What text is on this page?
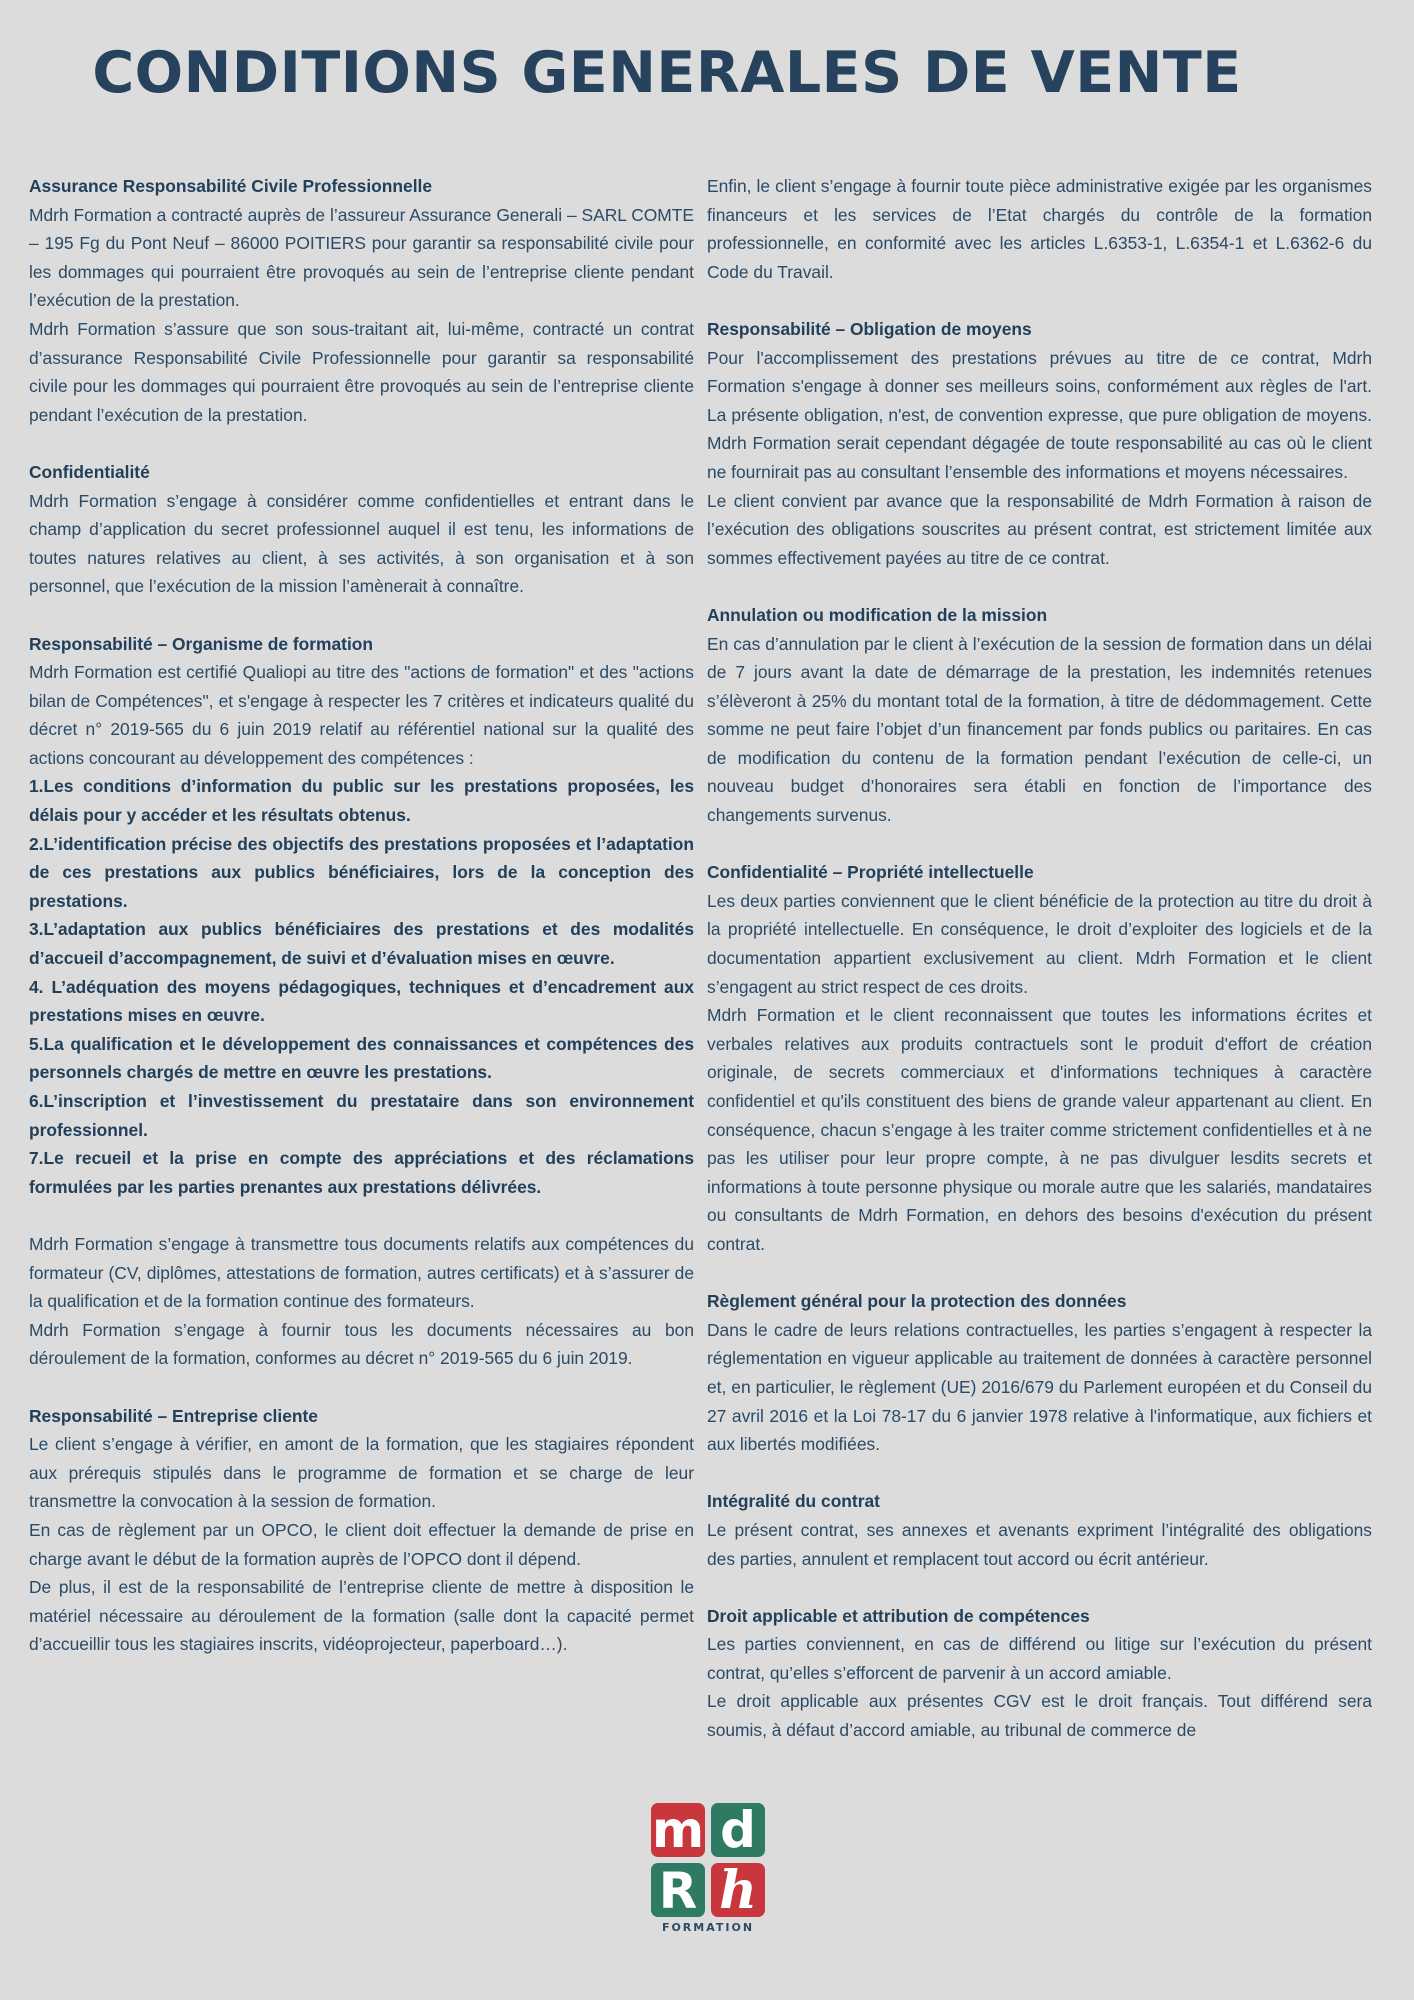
CONDITIONS GENERALES DE VENTE
Assurance Responsabilité Civile Professionnelle

Mdrh Formation a contracté auprès de l’assureur Assurance Generali – SARL COMTE – 195 Fg du Pont Neuf – 86000 POITIERS pour garantir sa responsabilité civile pour les dommages qui pourraient être provoqués au sein de l’entreprise cliente pendant l’exécution de la prestation.

Mdrh Formation s’assure que son sous-traitant ait, lui-même, contracté un contrat d’assurance Responsabilité Civile Professionnelle pour garantir sa responsabilité civile pour les dommages qui pourraient être provoqués au sein de l’entreprise cliente pendant l’exécution de la prestation.

Confidentialité

Mdrh Formation s’engage à considérer comme confidentielles et entrant dans le champ d’application du secret professionnel auquel il est tenu, les informations de toutes natures relatives au client, à ses activités, à son organisation et à son personnel, que l’exécution de la mission l’amènerait à connaître.

Responsabilité – Organisme de formation

Mdrh Formation est certifié Qualiopi au titre des "actions de formation" et des "actions bilan de Compétences", et s'engage à respecter les 7 critères et indicateurs qualité du décret n° 2019-565 du 6 juin 2019 relatif au référentiel national sur la qualité des actions concourant au développement des compétences :

1.Les conditions d’information du public sur les prestations proposées, les délais pour y accéder et les résultats obtenus.

2.L’identification précise des objectifs des prestations proposées et l’adaptation de ces prestations aux publics bénéficiaires, lors de la conception des prestations.

3.L’adaptation aux publics bénéficiaires des prestations et des modalités d’accueil d’accompagnement, de suivi et d’évaluation mises en œuvre.

4. L’adéquation des moyens pédagogiques, techniques et d’encadrement aux prestations mises en œuvre.

5.La qualification et le développement des connaissances et compétences des personnels chargés de mettre en œuvre les prestations.

6.L’inscription et l’investissement du prestataire dans son environnement professionnel.

7.Le recueil et la prise en compte des appréciations et des réclamations formulées par les parties prenantes aux prestations délivrées.

Mdrh Formation s’engage à transmettre tous documents relatifs aux compétences du formateur (CV, diplômes, attestations de formation, autres certificats) et à s’assurer de la qualification et de la formation continue des formateurs.

Mdrh Formation s’engage à fournir tous les documents nécessaires au bon déroulement de la formation, conformes au décret n° 2019-565 du 6 juin 2019.

Responsabilité – Entreprise cliente

Le client s’engage à vérifier, en amont de la formation, que les stagiaires répondent aux prérequis stipulés dans le programme de formation et se charge de leur transmettre la convocation à la session de formation.

En cas de règlement par un OPCO, le client doit effectuer la demande de prise en charge avant le début de la formation auprès de l’OPCO dont il dépend.

De plus, il est de la responsabilité de l’entreprise cliente de mettre à disposition le matériel nécessaire au déroulement de la formation (salle dont la capacité permet d’accueillir tous les stagiaires inscrits, vidéoprojecteur, paperboard…).

Enfin, le client s’engage à fournir toute pièce administrative exigée par les organismes financeurs et les services de l’Etat chargés du contrôle de la formation professionnelle, en conformité avec les articles L.6353-1, L.6354-1 et L.6362-6 du Code du Travail.

Responsabilité – Obligation de moyens

Pour l'accomplissement des prestations prévues au titre de ce contrat, Mdrh Formation s'engage à donner ses meilleurs soins, conformément aux règles de l'art. La présente obligation, n'est, de convention expresse, que pure obligation de moyens. Mdrh Formation serait cependant dégagée de toute responsabilité au cas où le client ne fournirait pas au consultant l’ensemble des informations et moyens nécessaires.

Le client convient par avance que la responsabilité de Mdrh Formation à raison de l’exécution des obligations souscrites au présent contrat, est strictement limitée aux sommes effectivement payées au titre de ce contrat.

Annulation ou modification de la mission

En cas d’annulation par le client à l’exécution de la session de formation dans un délai de 7 jours avant la date de démarrage de la prestation, les indemnités retenues s’élèveront à 25% du montant total de la formation, à titre de dédommagement. Cette somme ne peut faire l’objet d’un financement par fonds publics ou paritaires. En cas de modification du contenu de la formation pendant l’exécution de celle-ci, un nouveau budget d’honoraires sera établi en fonction de l’importance des changements survenus.

Confidentialité – Propriété intellectuelle

Les deux parties conviennent que le client bénéficie de la protection au titre du droit à la propriété intellectuelle. En conséquence, le droit d’exploiter des logiciels et de la documentation appartient exclusivement au client. Mdrh Formation et le client s’engagent au strict respect de ces droits.

Mdrh Formation et le client reconnaissent que toutes les informations écrites et verbales relatives aux produits contractuels sont le produit d'effort de création originale, de secrets commerciaux et d'informations techniques à caractère confidentiel et qu'ils constituent des biens de grande valeur appartenant au client. En conséquence, chacun s’engage à les traiter comme strictement confidentielles et à ne pas les utiliser pour leur propre compte, à ne pas divulguer lesdits secrets et informations à toute personne physique ou morale autre que les salariés, mandataires ou consultants de Mdrh Formation, en dehors des besoins d'exécution du présent contrat.

Règlement général pour la protection des données

Dans le cadre de leurs relations contractuelles, les parties s’engagent à respecter la réglementation en vigueur applicable au traitement de données à caractère personnel et, en particulier, le règlement (UE) 2016/679 du Parlement européen et du Conseil du 27 avril 2016 et la Loi 78-17 du 6 janvier 1978 relative à l'informatique, aux fichiers et aux libertés modifiées.

Intégralité du contrat

Le présent contrat, ses annexes et avenants expriment l’intégralité des obligations des parties, annulent et remplacent tout accord ou écrit antérieur.

Droit applicable et attribution de compétences

Les parties conviennent, en cas de différend ou litige sur l’exécution du présent contrat, qu’elles s’efforcent de parvenir à un accord amiable.

Le droit applicable aux présentes CGV est le droit français. Tout différend sera soumis, à défaut d’accord amiable, au tribunal de commerce de

m d
R h
FORMATION
